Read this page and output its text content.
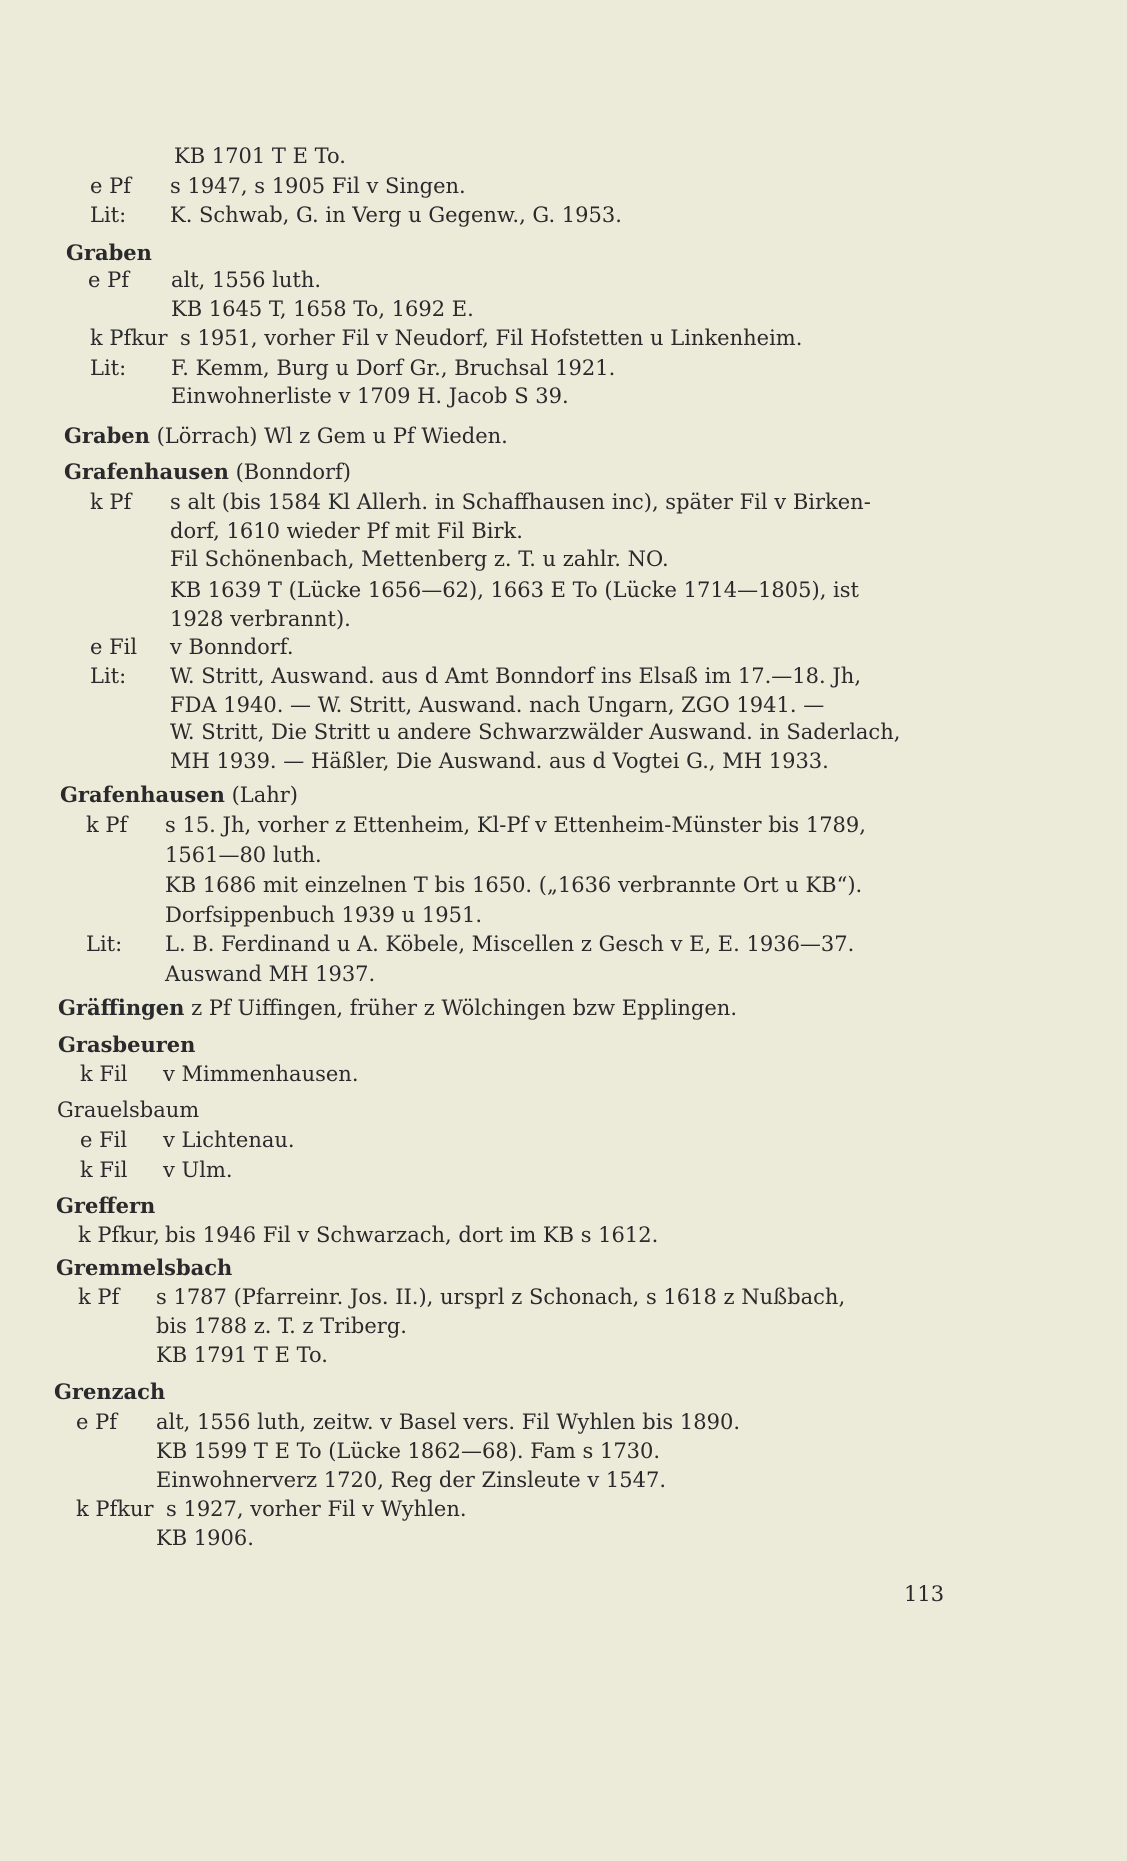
KB 1701 T E To.
e Pf s 1947, s 1905 Fil v Singen.
Lit: K. Schwab, G. in Verg u Gegenw., G. 1953.
Graben
e Pf alt, 1556 luth.
KB 1645 T, 1658 To, 1692 E.
k Pfkur s 1951, vorher Fil v Neudorf, Fil Hofstetten u Linkenheim.
Lit: F. Kemm, Burg u Dorf Gr., Bruchsal 1921.
Einwohnerliste v 1709 H. Jacob S 39.
Graben (Lörrach) Wl z Gem u Pf Wieden.
Grafenhausen (Bonndorf)
k Pf s alt (bis 1584 Kl Allerh. in Schaffhausen inc), später Fil v Birken-
dorf, 1610 wieder Pf mit Fil Birk.
Fil Schönenbach, Mettenberg z. T. u zahlr. NO.
KB 1639 T (Lücke 1656—62), 1663 E To (Lücke 1714—1805), ist
1928 verbrannt).
e Fil v Bonndorf.
Lit: W. Stritt, Auswand. aus d Amt Bonndorf ins Elsaß im 17.—18. Jh,
FDA 1940. — W. Stritt, Auswand. nach Ungarn, ZGO 1941. —
W. Stritt, Die Stritt u andere Schwarzwälder Auswand. in Saderlach,
MH 1939. — Häßler, Die Auswand. aus d Vogtei G., MH 1933.
Grafenhausen (Lahr)
k Pf s 15. Jh, vorher z Ettenheim, Kl-Pf v Ettenheim-Münster bis 1789,
1561—80 luth.
KB 1686 mit einzelnen T bis 1650. („1636 verbrannte Ort u KB“).
Dorfsippenbuch 1939 u 1951.
Lit: L. B. Ferdinand u A. Köbele, Miscellen z Gesch v E, E. 1936—37.
Auswand MH 1937.
Gräffingen z Pf Uiffingen, früher z Wölchingen bzw Epplingen.
Grasbeuren
k Fil v Mimmenhausen.
Grauelsbaum
e Fil v Lichtenau.
k Fil v Ulm.
Greffern
k Pfkur, bis 1946 Fil v Schwarzach, dort im KB s 1612.
Gremmelsbach
k Pf s 1787 (Pfarreinr. Jos. II.), ursprl z Schonach, s 1618 z Nußbach,
bis 1788 z. T. z Triberg.
KB 1791 T E To.
Grenzach
e Pf alt, 1556 luth, zeitw. v Basel vers. Fil Wyhlen bis 1890.
KB 1599 T E To (Lücke 1862—68). Fam s 1730.
Einwohnerverz 1720, Reg der Zinsleute v 1547.
k Pfkur s 1927, vorher Fil v Wyhlen.
KB 1906.
113
